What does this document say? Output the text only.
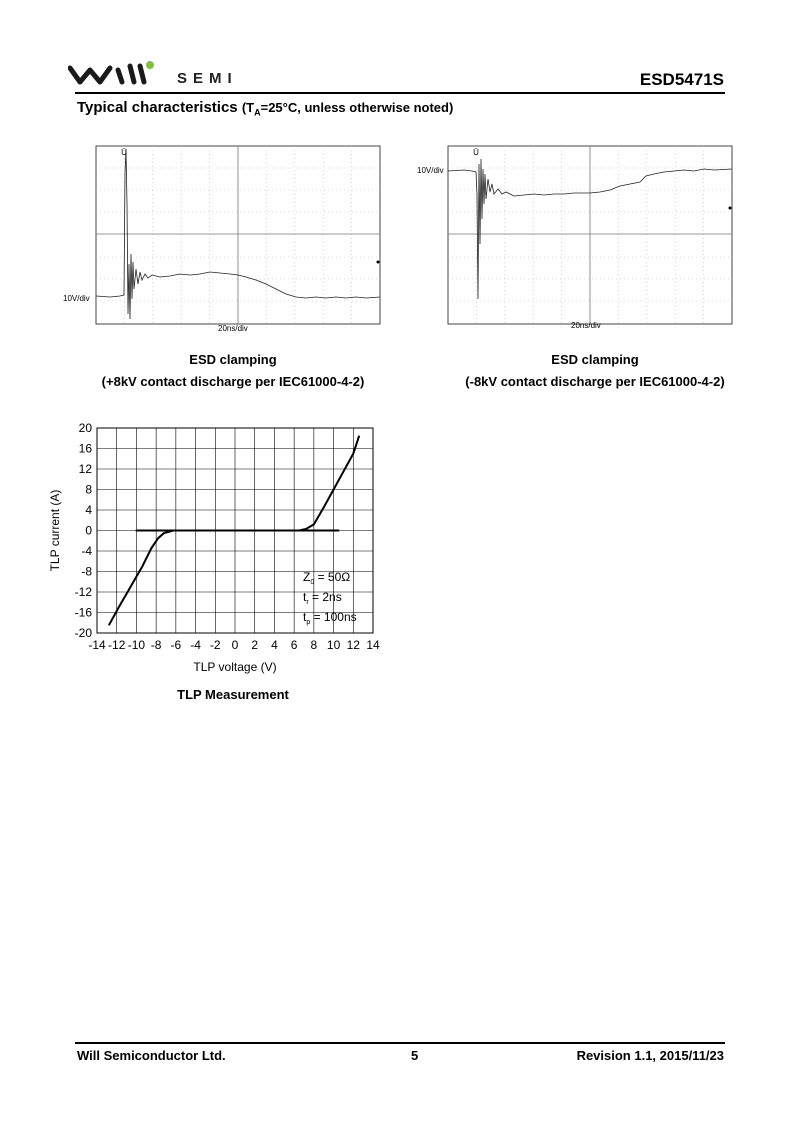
SEMI	ESD5471S
Typical characteristics ($T_A=25^\circ C$, unless otherwise noted)
Ü
10V/div
20ns/div
ESD clamping
(+8kV contact discharge per IEC61000-4-2)
Ü
10V/div
20ns/div
ESD clamping
(-8kV contact discharge per IEC61000-4-2)
-14 -12 -10 -8 -6 -4 -2 0 2 4 6 8 10 12 14
20
16
12
8
4
0
-4
-8
-12
-16
-20
TLP current (A)
TLP voltage (V)
$Z_0 = 50\Omega$
$t_r = 2ns$
$t_p = 100ns$
TLP Measurement
Will Semiconductor Ltd.	5	Revision 1.1, 2015/11/23
